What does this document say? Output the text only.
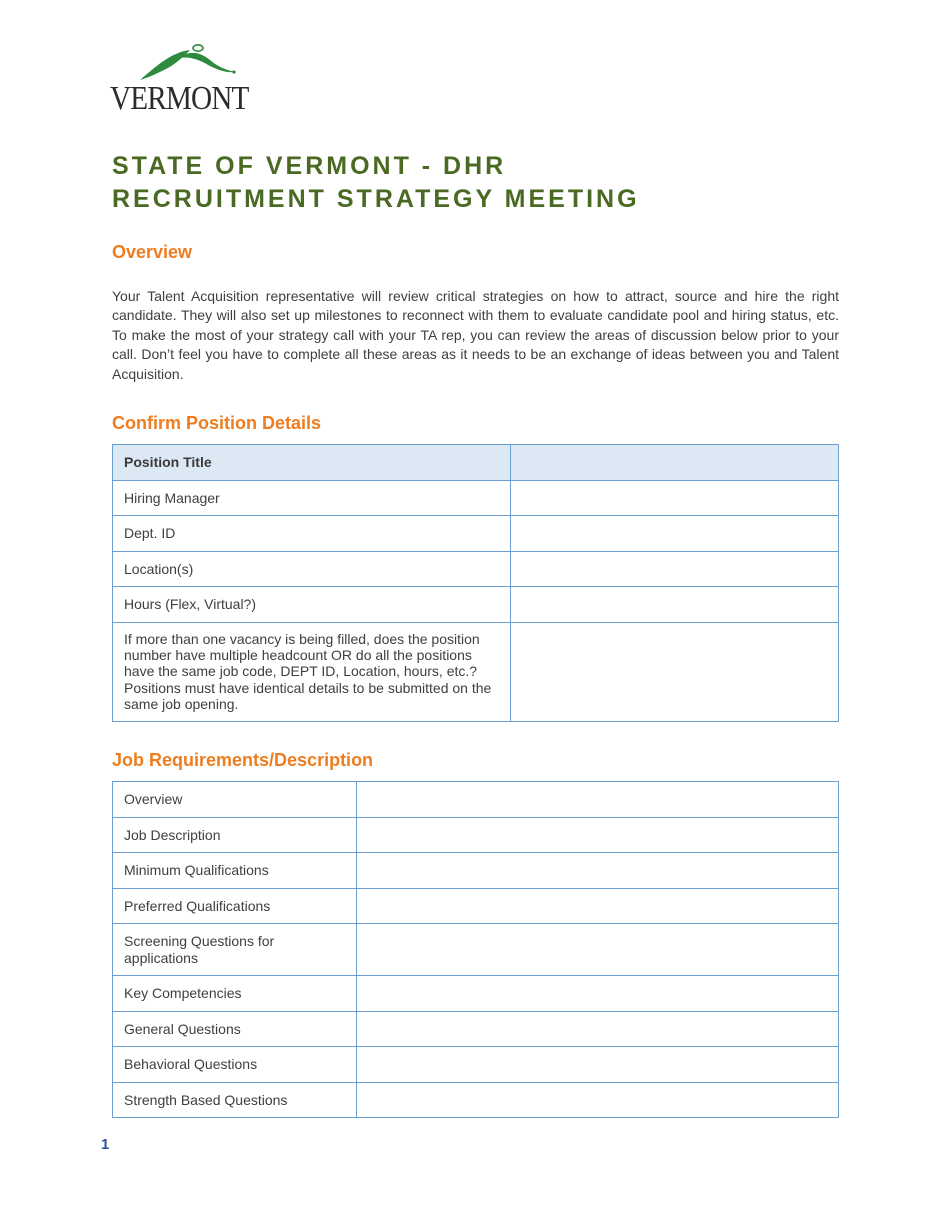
VERMONT
STATE OF VERMONT - DHR
RECRUITMENT STRATEGY MEETING
Overview

Your Talent Acquisition representative will review critical strategies on how to attract, source and hire the right candidate. They will also set up milestones to reconnect with them to evaluate candidate pool and hiring status, etc. To make the most of your strategy call with your TA rep, you can review the areas of discussion below prior to your call. Don’t feel you have to complete all these areas as it needs to be an exchange of ideas between you and Talent Acquisition.

Confirm Position Details
Position Title	
Hiring Manager	
Dept. ID	
Location(s)	
Hours (Flex, Virtual?)	
If more than one vacancy is being filled, does the position number have multiple headcount OR do all the positions have the same job code, DEPT ID, Location, hours, etc.? Positions must have identical details to be submitted on the same job opening.	
Job Requirements/Description
Overview	
Job Description	
Minimum Qualifications	
Preferred Qualifications	
Screening Questions for applications	
Key Competencies	
General Questions	
Behavioral Questions	
Strength Based Questions	
1
